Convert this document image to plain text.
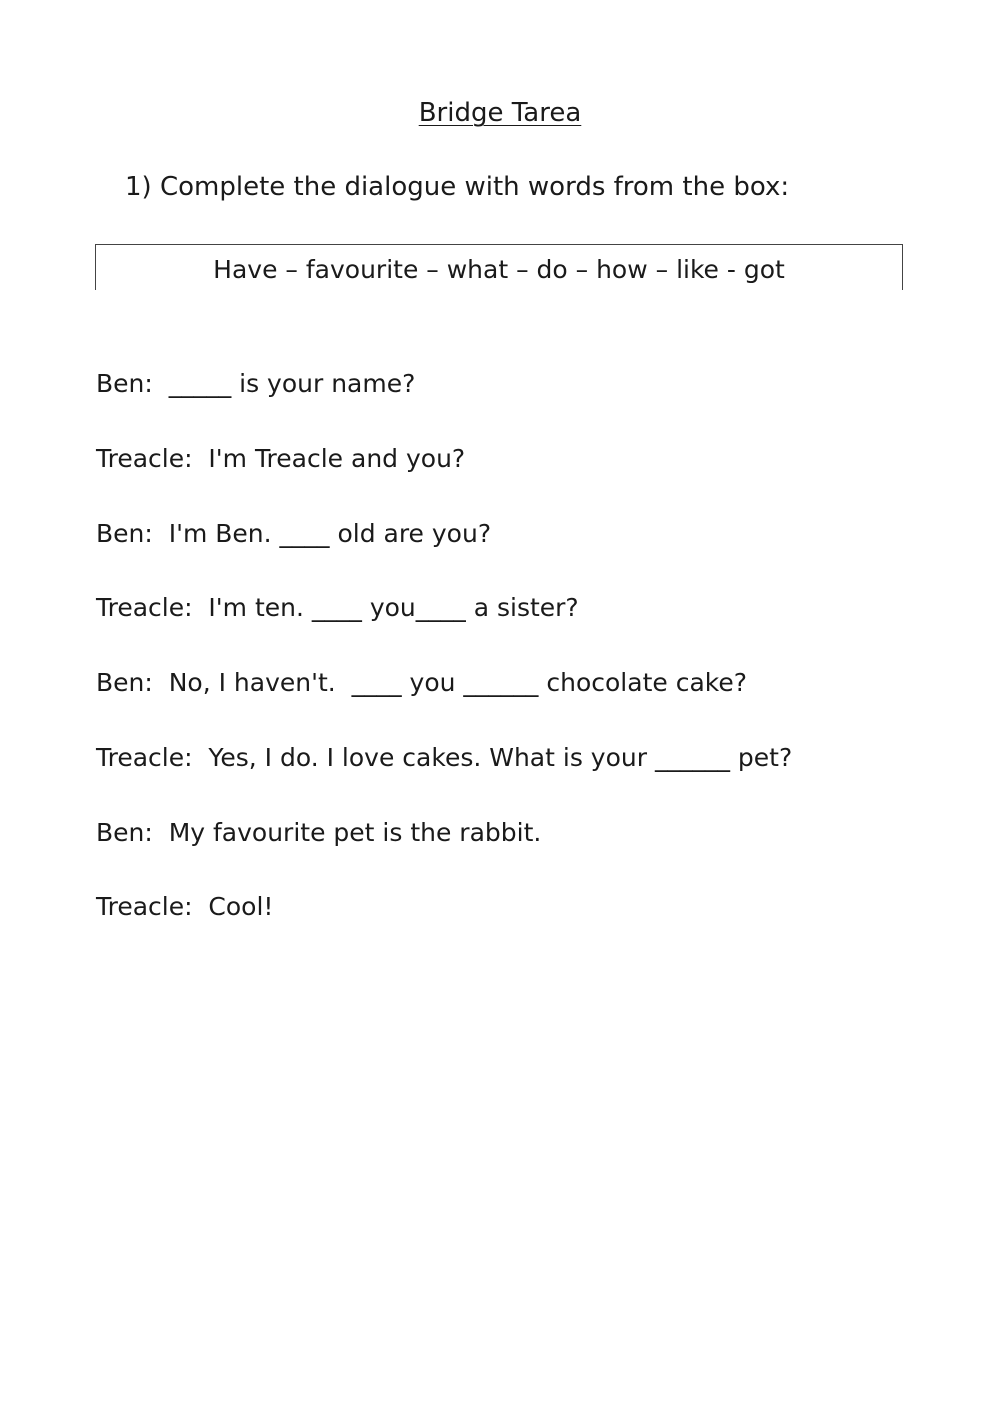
Bridge Tarea
1) Complete the dialogue with words from the box:
Have – favourite – what – do – how – like - got
Ben:  _____ is your name?
Treacle:  I'm Treacle and you?
Ben:  I'm Ben. ____ old are you?
Treacle:  I'm ten. ____ you____ a sister?
Ben:  No, I haven't.  ____ you ______ chocolate cake?
Treacle:  Yes, I do. I love cakes. What is your ______ pet?
Ben:  My favourite pet is the rabbit.
Treacle:  Cool!
